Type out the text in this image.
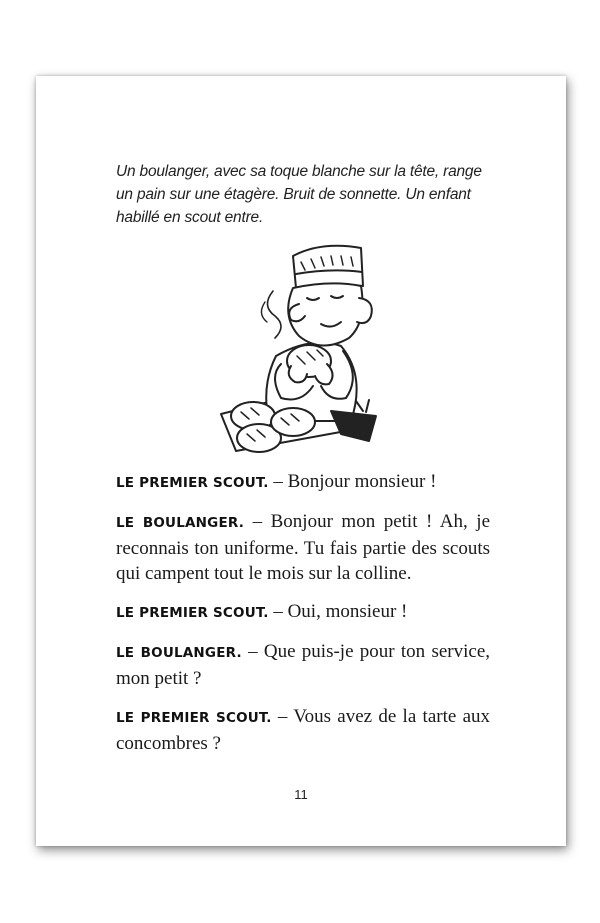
Un boulanger, avec sa toque blanche sur la tête, range un pain sur une étagère. Bruit de sonnette. Un enfant habillé en scout entre.

LE PREMIER SCOUT. – Bonjour monsieur !

LE BOULANGER. – Bonjour mon petit ! Ah, je reconnais ton uniforme. Tu fais partie des scouts qui campent tout le mois sur la colline.

LE PREMIER SCOUT. – Oui, monsieur !

LE BOULANGER. – Que puis-je pour ton service, mon petit ?

LE PREMIER SCOUT. – Vous avez de la tarte aux concombres ?

11
